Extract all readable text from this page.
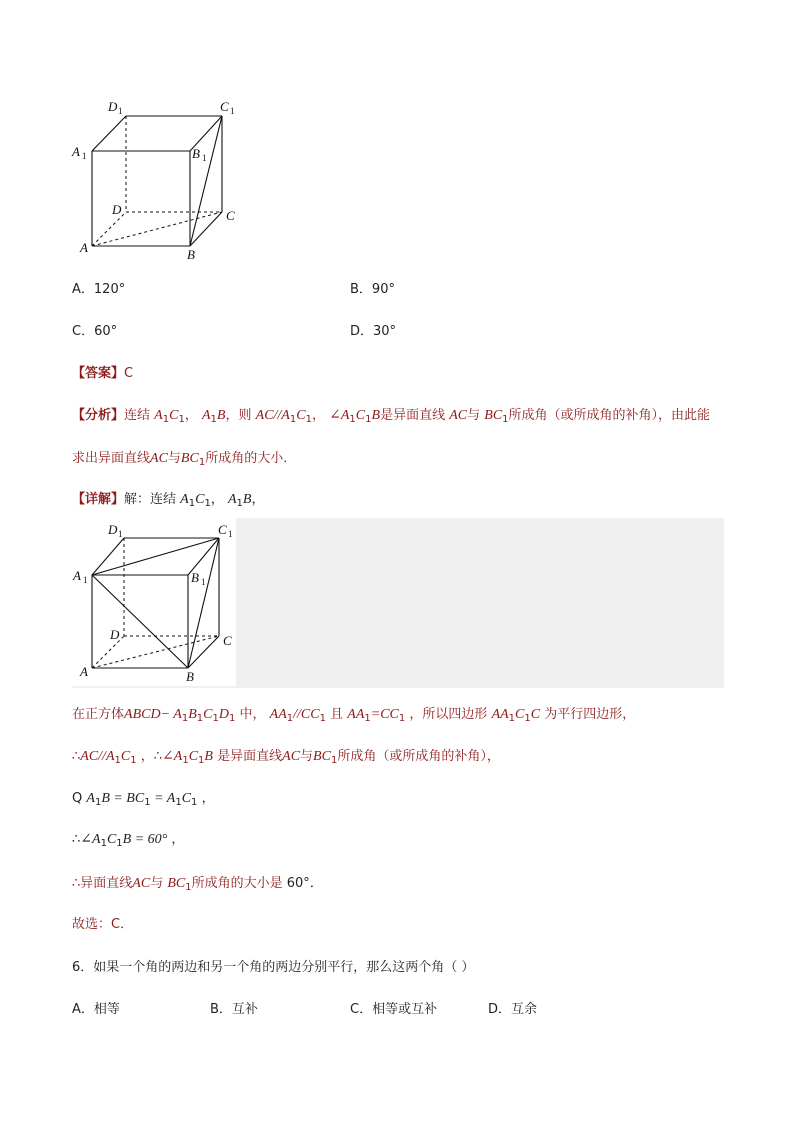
D 1	C 1
A 1	B 1
D	C
A	B
A．120°	B．90°
C．60°	D．30°
【答案】C
【分析】连结 $A_1C_1$， $A_1B$，则 $AC//A_1C_1$， $\angle A_1C_1B$是异面直线 AC与 $BC_1$所成角（或所成角的补角），由此能
求出异面直线AC与$BC_1$所成角的大小．
【详解】解：连结 $A_1C_1$， $A_1B$，
D 1	C 1
A 1	B 1
D	C
A	B
在正方体ABCD− $A_1B_1C_1D_1$ 中， $AA_1//CC_1$ 且 $AA_1=CC_1$ ，所以四边形 $AA_1C_1C$ 为平行四边形，
$\therefore AC//A_1C_1$ ，$\therefore\angle A_1C_1B$ 是异面直线AC与$BC_1$所成角（或所成角的补角），
Q $A_1B = BC_1 = A_1C_1$ ，
$\therefore\angle A_1C_1B = 60^\circ$ ，
∴异面直线AC与 $BC_1$所成角的大小是 60°．
故选：C．
6．如果一个角的两边和另一个角的两边分别平行，那么这两个角（ ）
A．相等	B．互补	C．相等或互补	D．互余
